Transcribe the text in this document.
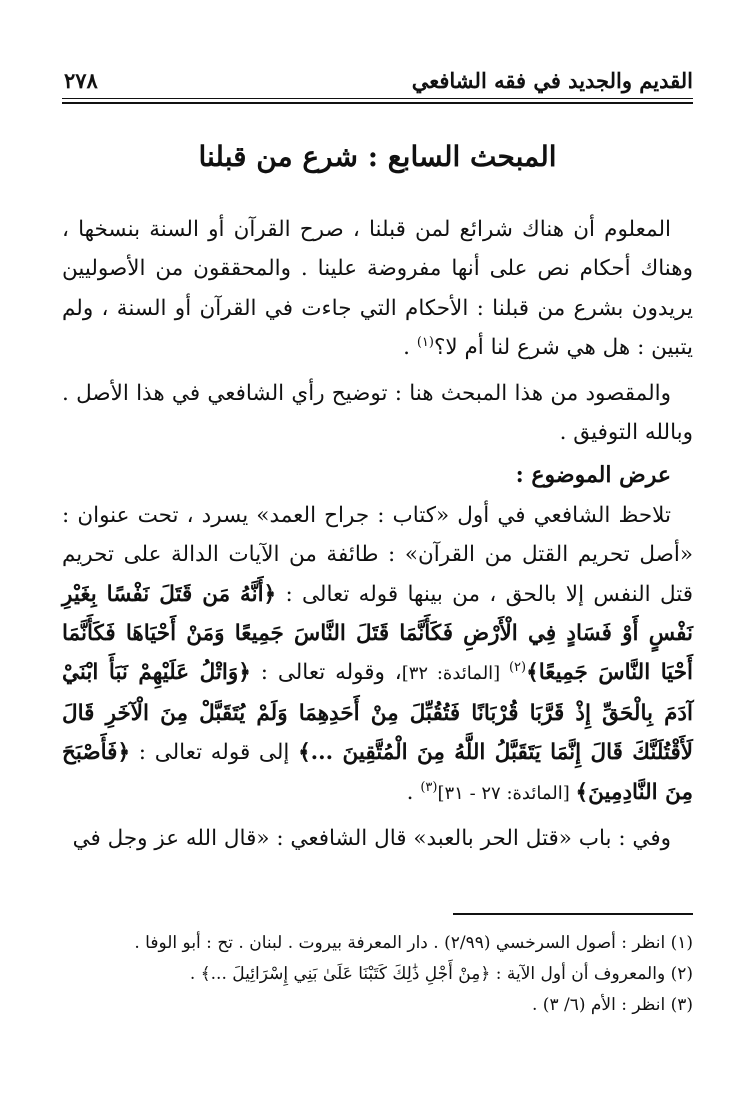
القديم والجديد في فقه الشافعي
٢٧٨
المبحث السابع : شرع من قبلنا

المعلوم أن هناك شرائع لمن قبلنا ، صرح القرآن أو السنة بنسخها ، وهناك أحكام نص على أنها مفروضة علينا . والمحققون من الأصوليين يريدون بشرع من قبلنا : الأحكام التي جاءت في القرآن أو السنة ، ولم يتبين : هل هي شرع لنا أم لا؟$^{(١)}$ .

والمقصود من هذا المبحث هنا : توضيح رأي الشافعي في هذا الأصل . وبالله التوفيق .

عرض الموضوع :

تلاحظ الشافعي في أول «كتاب : جراح العمد» يسرد ، تحت عنوان : «أصل تحريم القتل من القرآن» : طائفة من الآيات الدالة على تحريم قتل النفس إلا بالحق ، من بينها قوله تعالى : ﴿أَنَّهُ مَن قَتَلَ نَفْسًا بِغَيْرِ نَفْسٍ أَوْ فَسَادٍ فِي الْأَرْضِ فَكَأَنَّمَا قَتَلَ النَّاسَ جَمِيعًا وَمَنْ أَحْيَاهَا فَكَأَنَّمَا أَحْيَا النَّاسَ جَمِيعًا﴾$^{(٢)}$ [المائدة: ٣٢]، وقوله تعالى : ﴿وَاتْلُ عَلَيْهِمْ نَبَأَ ابْنَيْ آدَمَ بِالْحَقِّ إِذْ قَرَّبَا قُرْبَانًا فَتُقُبِّلَ مِنْ أَحَدِهِمَا وَلَمْ يُتَقَبَّلْ مِنَ الْآخَرِ قَالَ لَأَقْتُلَنَّكَ قَالَ إِنَّمَا يَتَقَبَّلُ اللَّهُ مِنَ الْمُتَّقِينَ ...﴾ إلى قوله تعالى : ﴿فَأَصْبَحَ مِنَ النَّادِمِينَ﴾ [المائدة: ٢٧ - ٣١]$^{(٣)}$ .

وفي : باب «قتل الحر بالعبد» قال الشافعي : «قال الله عز وجل في

(١) انظر : أصول السرخسي (٢/٩٩) . دار المعرفة بيروت . لبنان . تح : أبو الوفا .

(٢) والمعروف أن أول الآية : ﴿مِنْ أَجْلِ ذَٰلِكَ كَتَبْنَا عَلَىٰ بَنِي إِسْرَائِيلَ ...﴾ .

(٣) انظر : الأم (٦/ ٣) .
